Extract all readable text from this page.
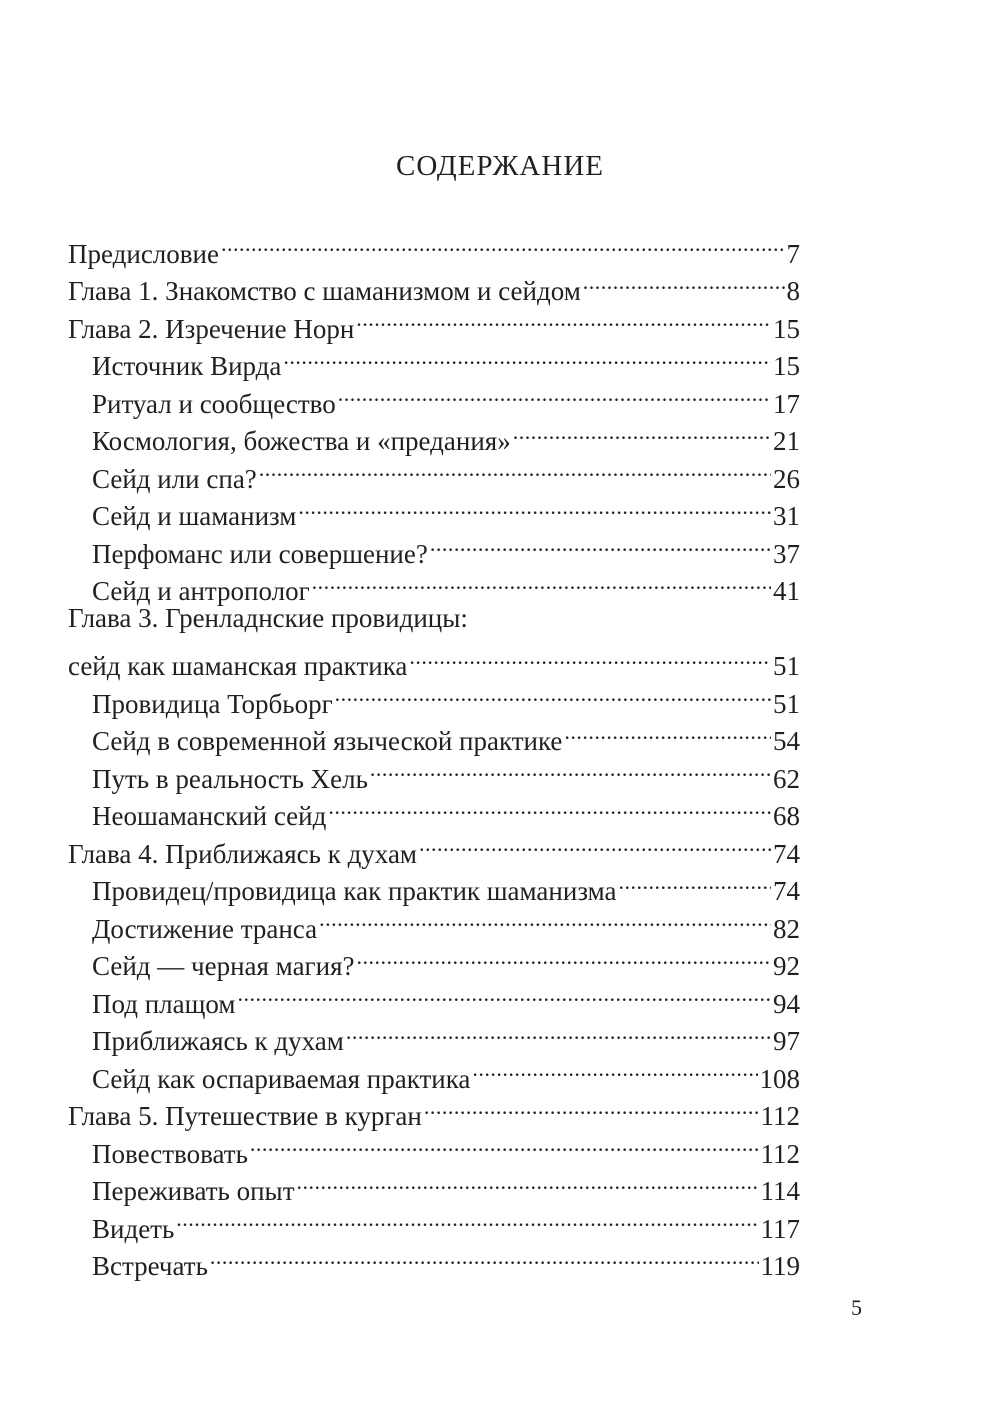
СОДЕРЖАНИЕ
Предисловие .....	7
Глава 1. Знакомство с шаманизмом и сейдом .....	8
Глава 2. Изречение Норн .....	15
Источник Вирда .....	15
Ритуал и сообщество .....	17
Космология, божества и «предания» .....	21
Сейд или спа? .....	26
Сейд и шаманизм .....	31
Перфоманс или совершение? .....	37
Сейд и антрополог .....	41
Глава 3. Гренладнские провидицы:
сейд как шаманская практика .....	51
Провидица Торбьорг .....	51
Сейд в современной языческой практике .....	54
Путь в реальность Хель .....	62
Неошаманский сейд .....	68
Глава 4. Приближаясь к духам .....	74
Провидец/провидица как практик шаманизма .....	74
Достижение транса .....	82
Сейд — черная магия? .....	92
Под плащом .....	94
Приближаясь к духам .....	97
Сейд как оспариваемая практика .....	108
Глава 5. Путешествие в курган .....	112
Повествовать .....	112
Переживать опыт .....	114
Видеть .....	117
Встречать .....	119
5
